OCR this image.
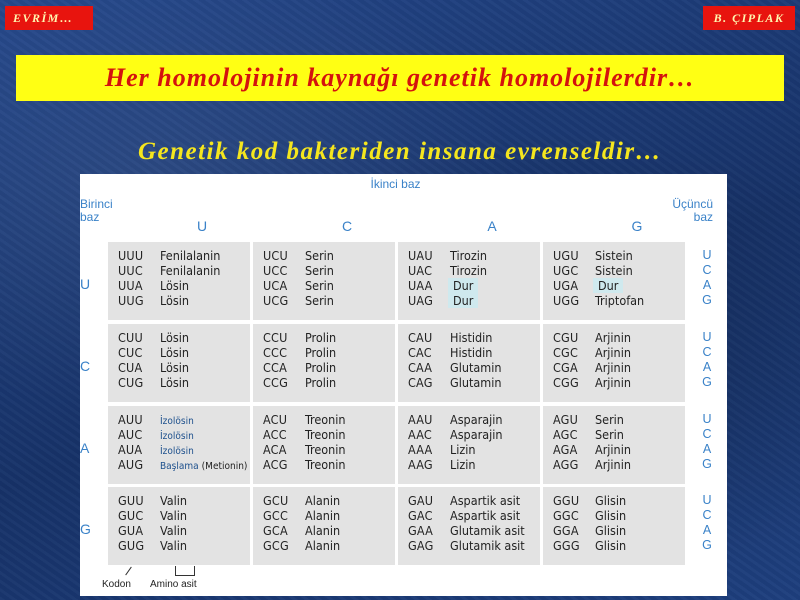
EVRİM…	B. ÇIPLAK
Her homolojinin kaynağı genetik homolojilerdir…
Genetik kod bakteriden insana evrenseldir…
İkinci baz
Birinci
baz
Üçüncü
baz
U	C	A	G
U
U
C
A
G
UUU	Fenilalanin
UUC	Fenilalanin
UUA	Lösin
UUG	Lösin
UCU	Serin
UCC	Serin
UCA	Serin
UCG	Serin
UAU	Tirozin
UAC	Tirozin
UAA	Dur
UAG	Dur
UGU	Sistein
UGC	Sistein
UGA	Dur
UGG	Triptofan
C
U
C
A
G
CUU	Lösin
CUC	Lösin
CUA	Lösin
CUG	Lösin
CCU	Prolin
CCC	Prolin
CCA	Prolin
CCG	Prolin
CAU	Histidin
CAC	Histidin
CAA	Glutamin
CAG	Glutamin
CGU	Arjinin
CGC	Arjinin
CGA	Arjinin
CGG	Arjinin
A
U
C
A
G
AUU	İzolösin
AUC	İzolösin
AUA	İzolösin
AUG	Başlama (Metionin)
ACU	Treonin
ACC	Treonin
ACA	Treonin
ACG	Treonin
AAU	Asparajin
AAC	Asparajin
AAA	Lizin
AAG	Lizin
AGU	Serin
AGC	Serin
AGA	Arjinin
AGG	Arjinin
G
U
C
A
G
GUU	Valin
GUC	Valin
GUA	Valin
GUG	Valin
GCU	Alanin
GCC	Alanin
GCA	Alanin
GCG	Alanin
GAU	Aspartik asit
GAC	Aspartik asit
GAA	Glutamik asit
GAG	Glutamik asit
GGU	Glisin
GGC	Glisin
GGA	Glisin
GGG	Glisin
Kodon Amino asit
